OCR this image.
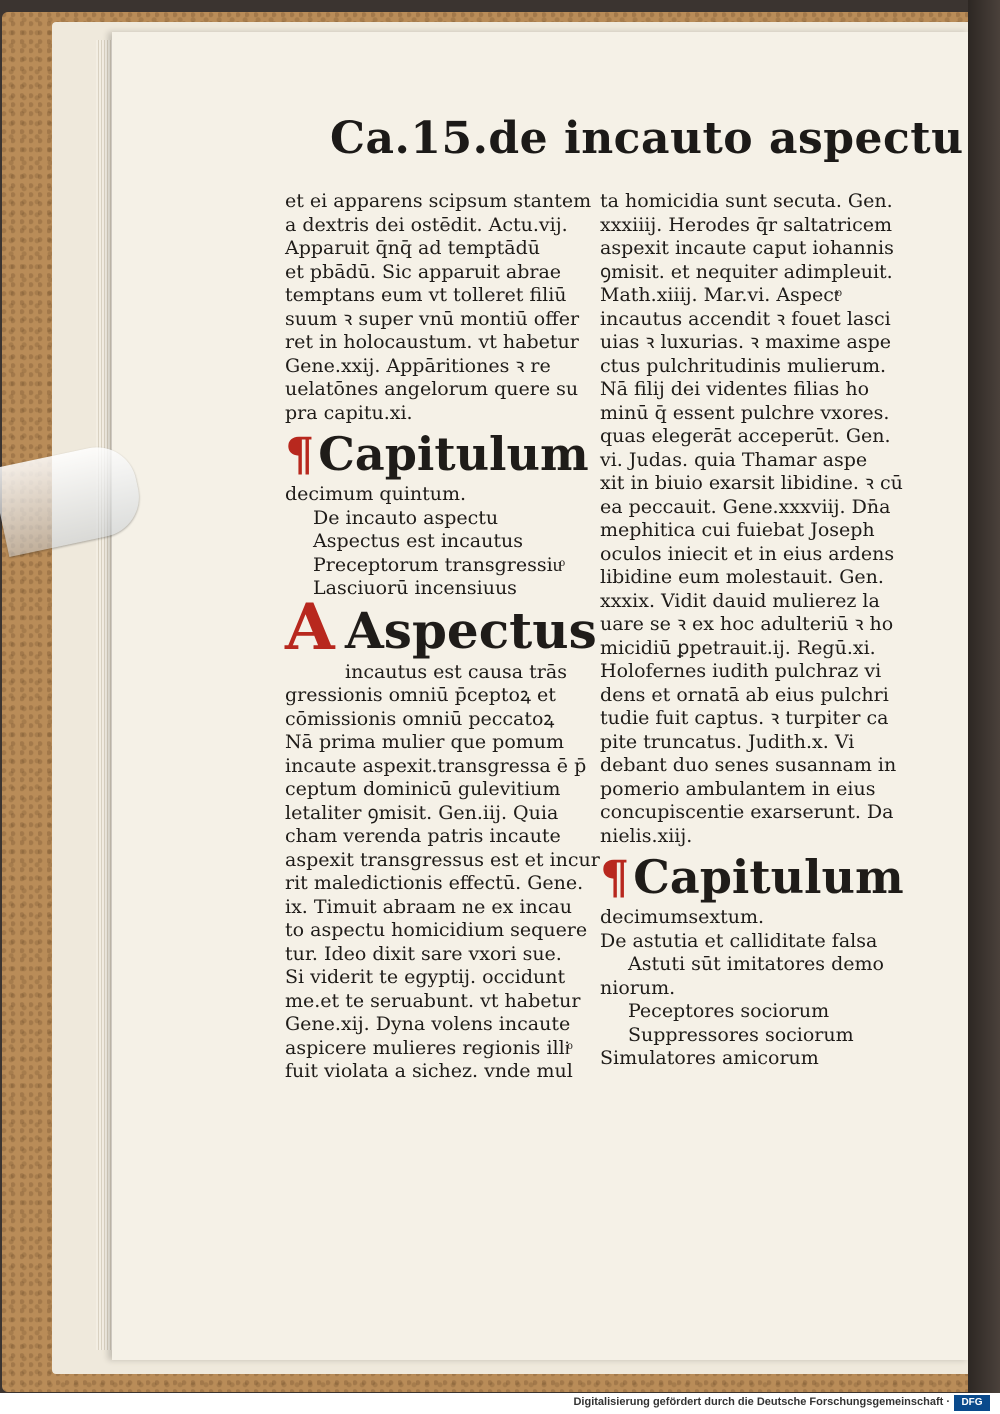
Ca.15.de incauto aspectu
et ei apparens scipsum stantem
a dextris dei ostēdit. Actu.vij.
Apparuit q̄nq̄ ad temptādū
et pbādū. Sic apparuit abrae
temptans eum vt tolleret filiū
suum ꝛ super vnū montiū offer
ret in holocaustum. vt habetur
Gene.xxij. Appāritiones ꝛ re
uelatōnes angelorum quere su
pra capitu.xi.
¶Capitulum
decimum quintum.
De incauto aspectu
Aspectus est incautus
Preceptorum transgressiuͦ
Lasciuorū incensiuus
A Aspectus
incautus est causa trās
gressionis omniū p̄ceptoꝝ et
cōmissionis omniū peccatoꝝ
Nā prima mulier que pomum
incaute aspexit.transgressa ē p̄
ceptum dominicū gulevitium
letaliter ꝯmisit. Gen.iij. Quia
cham verenda patris incaute
aspexit transgressus est et incur
rit maledictionis effectū. Gene.
ix. Timuit abraam ne ex incau
to aspectu homicidium sequere
tur. Ideo dixit sare vxori sue.
Si viderit te egyptij. occidunt
me.et te seruabunt. vt habetur
Gene.xij. Dyna volens incaute
aspicere mulieres regionis illiͦ
fuit violata a sichez. vnde mul
ta homicidia sunt secuta. Gen.
xxxiiij. Herodes q̄r saltatricem
aspexit incaute caput iohannis
ꝯmisit. et nequiter adimpleuit.
Math.xiiij. Mar.vi. Aspectͦ
incautus accendit ꝛ fouet lasci
uias ꝛ luxurias. ꝛ maxime aspe
ctus pulchritudinis mulierum.
Nā filij dei videntes filias ho
minū q̄ essent pulchre vxores.
quas elegerāt acceperūt. Gen.
vi. Judas. quia Thamar aspe
xit in biuio exarsit libidine. ꝛ cū
ea peccauit. Gene.xxxviij. Dn̄a
mephitica cui fuiebat Joseph
oculos iniecit et in eius ardens
libidine eum molestauit. Gen.
xxxix. Vidit dauid mulierez la
uare se ꝛ ex hoc adulteriū ꝛ ho
micidiū ꝑpetrauit.ij. Regū.xi.
Holofernes iudith pulchraz vi
dens et ornatā ab eius pulchri
tudie fuit captus. ꝛ turpiter ca
pite truncatus. Judith.x. Vi
debant duo senes susannam in
pomerio ambulantem in eius
concupiscentie exarserunt. Da
nielis.xiij.
¶Capitulum
decimumsextum.
De astutia et calliditate falsa
Astuti sūt imitatores demo
niorum.
Peceptores sociorum
Suppressores sociorum
Simulatores amicorum
Digitalisierung gefördert durch die Deutsche Forschungsgemeinschaft ·	DFG
